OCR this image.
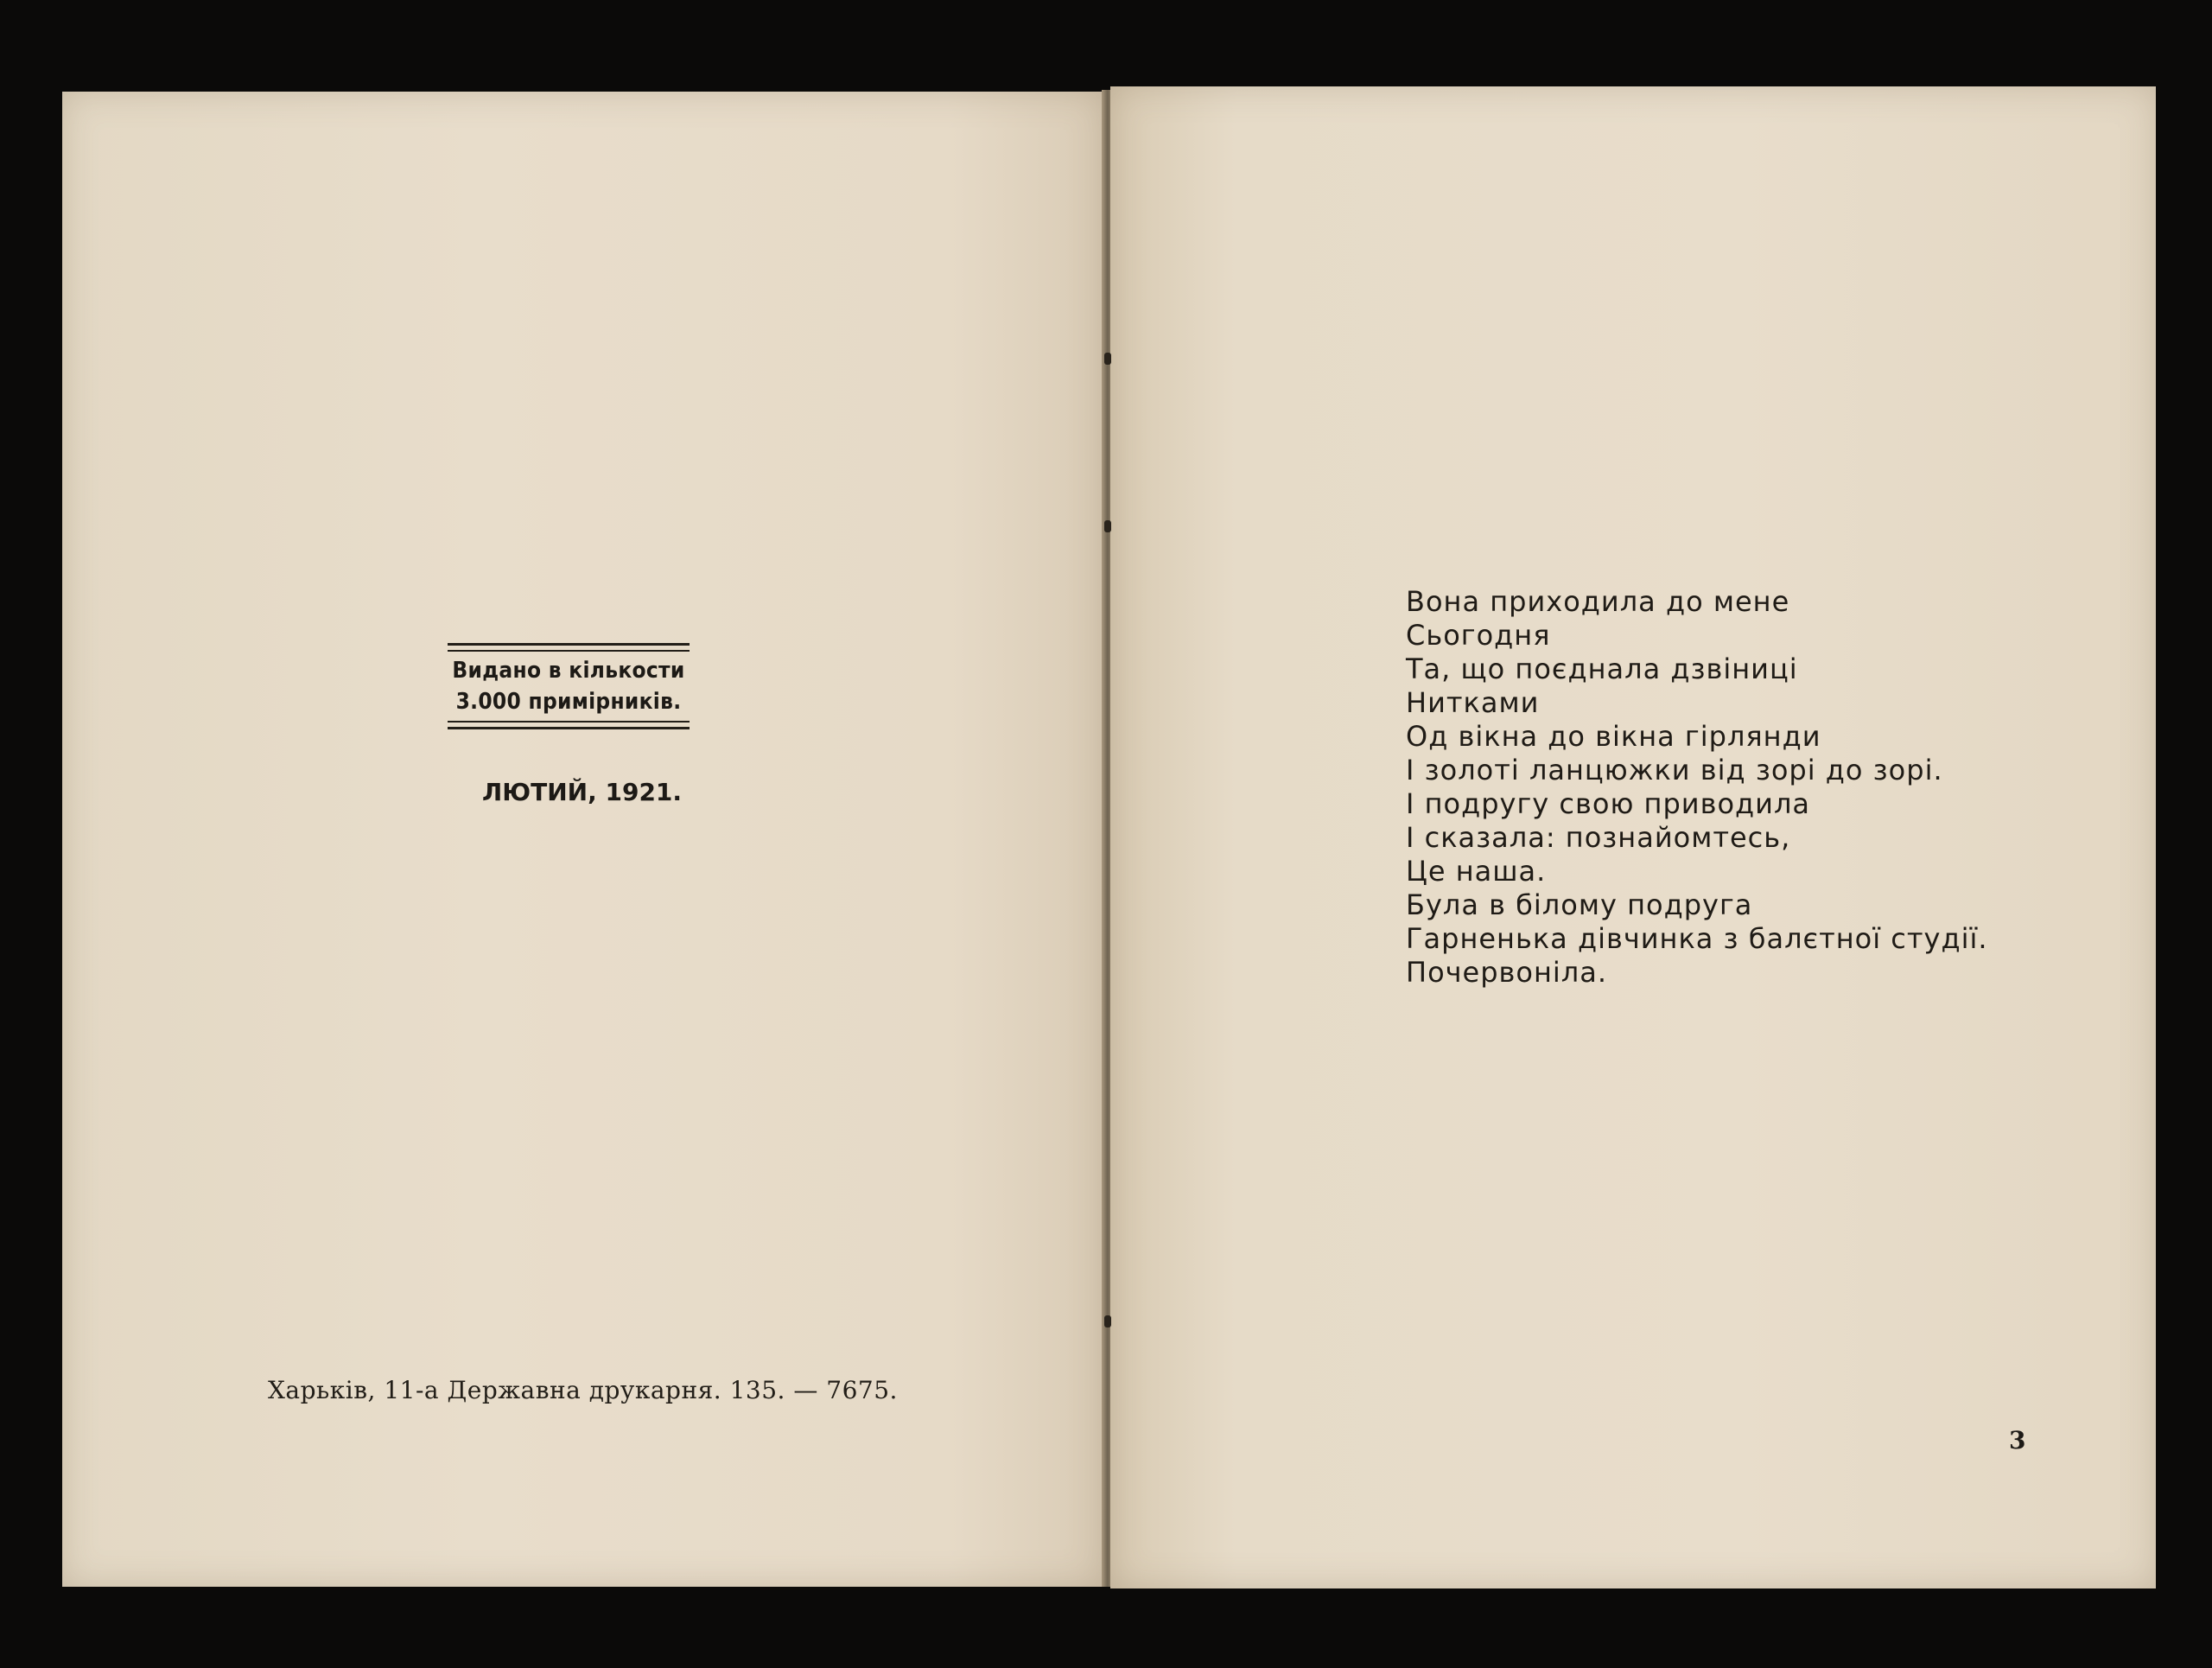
Видано в кількости
3.000 примірників.
ЛЮТИЙ, 1921.
Харьків, 11-а Державна друкарня. 135. — 7675.
Вона приходила до мене
Сьогодня
Та, що поєднала дзвіниці
Нитками
Од вікна до вікна гірлянди
І золоті ланцюжки від зорі до зорі.
І подругу свою приводила
І сказала: познайомтесь,
Це наша.
Була в білому подруга
Гарненька дівчинка з балєтної студії.
Почервоніла.
3
